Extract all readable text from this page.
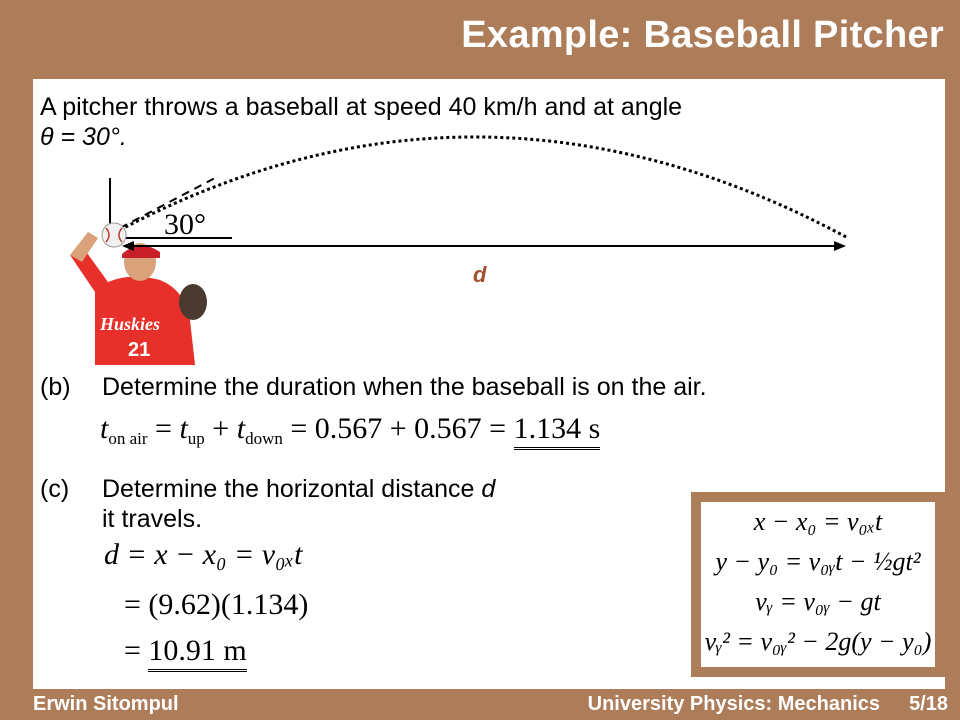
Example: Baseball Pitcher
Huskies
21
A pitcher throws a baseball at speed 40 km/h and at angle
θ = 30°.
30°
d
(b) Determine the duration when the baseball is on the air.
$t_{on air} = t_{up} + t_{down} = 0.567 + 0.567 = 1.134$ s
(c) Determine the horizontal distance d
it travels.
d = x − x₀ = v₀ₓt
= (9.62)(1.134)
= 10.91 m
x − x₀ = v₀ₓt
y − y₀ = v₀ᵧt − ½gt²
vᵧ = v₀ᵧ − gt
vᵧ² = v₀ᵧ² − 2g(y − y₀)
Erwin Sitompul	University Physics: Mechanics 5/18
